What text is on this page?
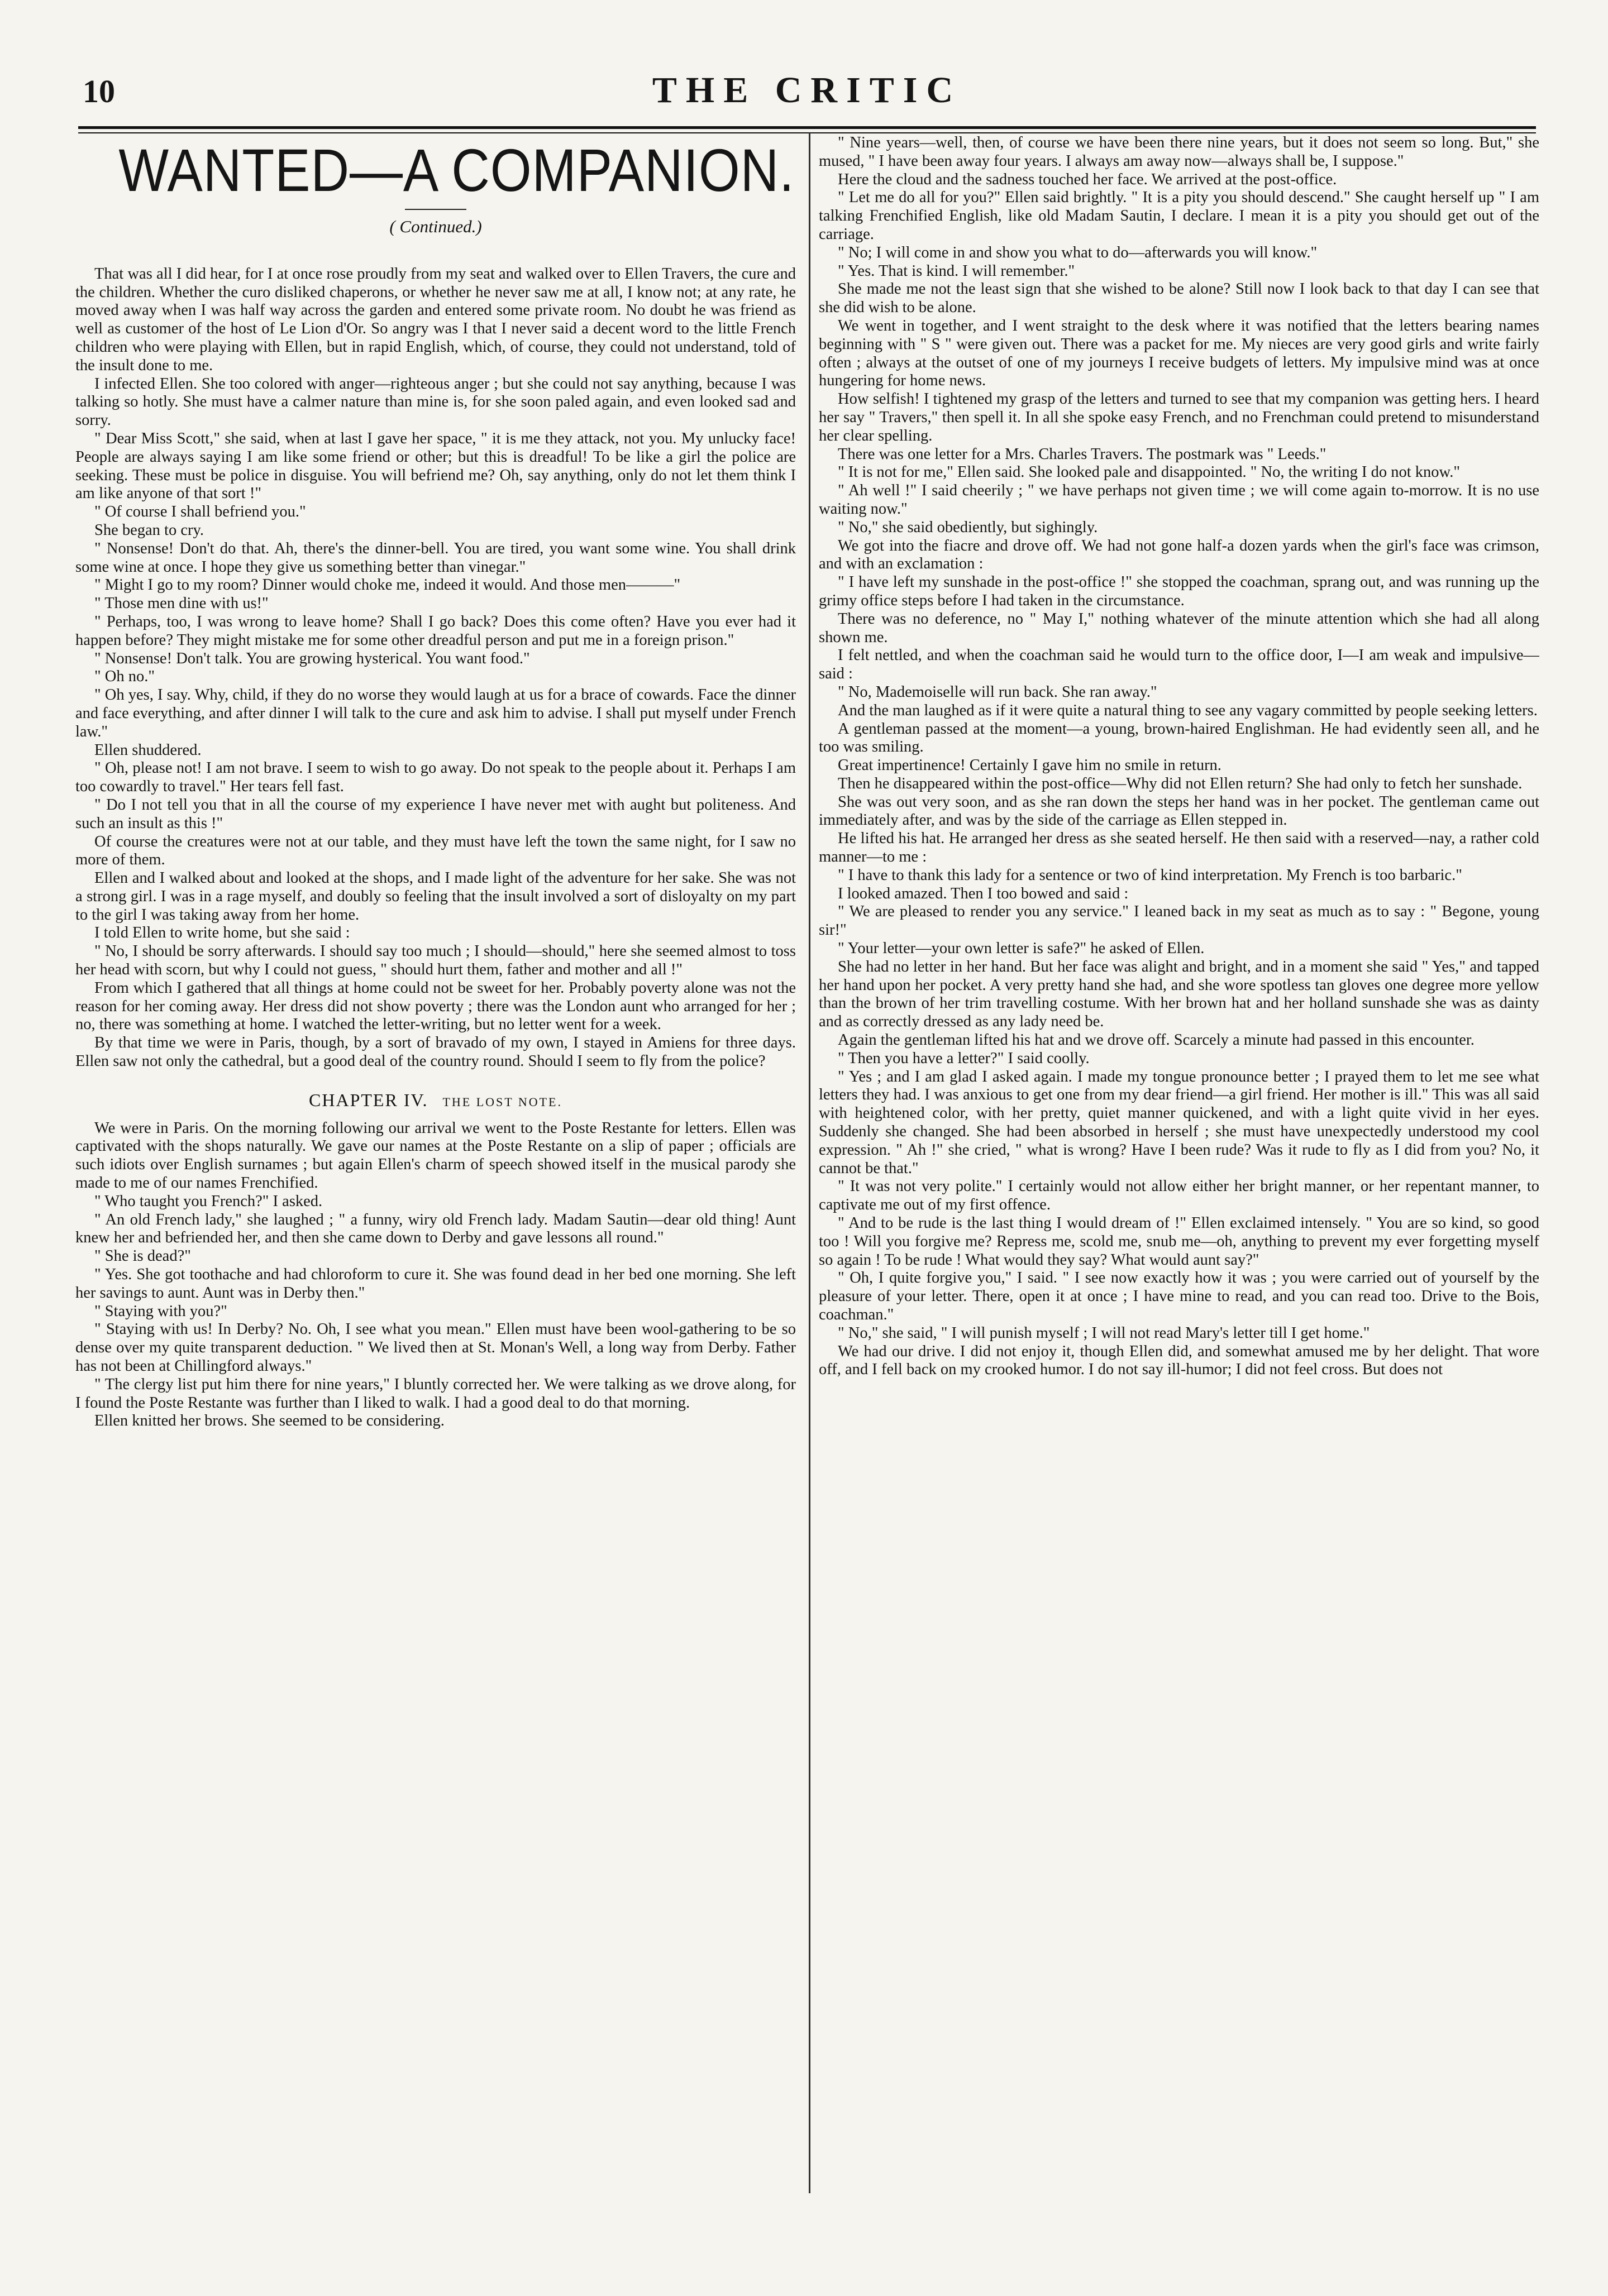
10	THE CRITIC
WANTED—A COMPANION.
( Continued.)

That was all I did hear, for I at once rose proudly from my seat and walked over to Ellen Travers, the cure and the children. Whether the curo disliked chaperons, or whether he never saw me at all, I know not; at any rate, he moved away when I was half way across the garden and entered some private room. No doubt he was friend as well as customer of the host of Le Lion d'Or. So angry was I that I never said a decent word to the little French children who were playing with Ellen, but in rapid English, which, of course, they could not understand, told of the insult done to me.

I infected Ellen. She too colored with anger—righteous anger ; but she could not say anything, because I was talking so hotly. She must have a calmer nature than mine is, for she soon paled again, and even looked sad and sorry.

" Dear Miss Scott," she said, when at last I gave her space, " it is me they attack, not you. My unlucky face! People are always saying I am like some friend or other; but this is dreadful! To be like a girl the police are seeking. These must be police in disguise. You will befriend me? Oh, say anything, only do not let them think I am like anyone of that sort !"

" Of course I shall befriend you."

She began to cry.

" Nonsense! Don't do that. Ah, there's the dinner-bell. You are tired, you want some wine. You shall drink some wine at once. I hope they give us something better than vinegar."

" Might I go to my room? Dinner would choke me, indeed it would. And those men———"

" Those men dine with us!"

" Perhaps, too, I was wrong to leave home? Shall I go back? Does this come often? Have you ever had it happen before? They might mistake me for some other dreadful person and put me in a foreign prison."

" Nonsense! Don't talk. You are growing hysterical. You want food."

" Oh no."

" Oh yes, I say. Why, child, if they do no worse they would laugh at us for a brace of cowards. Face the dinner and face everything, and after dinner I will talk to the cure and ask him to advise. I shall put myself under French law."

Ellen shuddered.

" Oh, please not! I am not brave. I seem to wish to go away. Do not speak to the people about it. Perhaps I am too cowardly to travel." Her tears fell fast.

" Do I not tell you that in all the course of my experience I have never met with aught but politeness. And such an insult as this !"

Of course the creatures were not at our table, and they must have left the town the same night, for I saw no more of them.

Ellen and I walked about and looked at the shops, and I made light of the adventure for her sake. She was not a strong girl. I was in a rage myself, and doubly so feeling that the insult involved a sort of disloyalty on my part to the girl I was taking away from her home.

I told Ellen to write home, but she said :

" No, I should be sorry afterwards. I should say too much ; I should—should," here she seemed almost to toss her head with scorn, but why I could not guess, " should hurt them, father and mother and all !"

From which I gathered that all things at home could not be sweet for her. Probably poverty alone was not the reason for her coming away. Her dress did not show poverty ; there was the London aunt who arranged for her ; no, there was something at home. I watched the letter-writing, but no letter went for a week.

By that time we were in Paris, though, by a sort of bravado of my own, I stayed in Amiens for three days. Ellen saw not only the cathedral, but a good deal of the country round. Should I seem to fly from the police?

CHAPTER IV. THE LOST NOTE.

We were in Paris. On the morning following our arrival we went to the Poste Restante for letters. Ellen was captivated with the shops naturally. We gave our names at the Poste Restante on a slip of paper ; officials are such idiots over English surnames ; but again Ellen's charm of speech showed itself in the musical parody she made to me of our names Frenchified.

" Who taught you French?" I asked.

" An old French lady," she laughed ; " a funny, wiry old French lady. Madam Sautin—dear old thing! Aunt knew her and befriended her, and then she came down to Derby and gave lessons all round."

" She is dead?"

" Yes. She got toothache and had chloroform to cure it. She was found dead in her bed one morning. She left her savings to aunt. Aunt was in Derby then."

" Staying with you?"

" Staying with us! In Derby? No. Oh, I see what you mean." Ellen must have been wool-gathering to be so dense over my quite transparent deduction. " We lived then at St. Monan's Well, a long way from Derby. Father has not been at Chillingford always."

" The clergy list put him there for nine years," I bluntly corrected her. We were talking as we drove along, for I found the Poste Restante was further than I liked to walk. I had a good deal to do that morning.

Ellen knitted her brows. She seemed to be considering.

" Nine years—well, then, of course we have been there nine years, but it does not seem so long. But," she mused, " I have been away four years. I always am away now—always shall be, I suppose."

Here the cloud and the sadness touched her face. We arrived at the post-office.

" Let me do all for you?" Ellen said brightly. " It is a pity you should descend." She caught herself up " I am talking Frenchified English, like old Madam Sautin, I declare. I mean it is a pity you should get out of the carriage.

" No; I will come in and show you what to do—afterwards you will know."

" Yes. That is kind. I will remember."

She made me not the least sign that she wished to be alone? Still now I look back to that day I can see that she did wish to be alone.

We went in together, and I went straight to the desk where it was notified that the letters bearing names beginning with " S " were given out. There was a packet for me. My nieces are very good girls and write fairly often ; always at the outset of one of my journeys I receive budgets of letters. My impulsive mind was at once hungering for home news.

How selfish! I tightened my grasp of the letters and turned to see that my companion was getting hers. I heard her say " Travers," then spell it. In all she spoke easy French, and no Frenchman could pretend to misunderstand her clear spelling.

There was one letter for a Mrs. Charles Travers. The postmark was " Leeds."

" It is not for me," Ellen said. She looked pale and disappointed. " No, the writing I do not know."

" Ah well !" I said cheerily ; " we have perhaps not given time ; we will come again to-morrow. It is no use waiting now."

" No," she said obediently, but sighingly.

We got into the fiacre and drove off. We had not gone half-a dozen yards when the girl's face was crimson, and with an exclamation :

" I have left my sunshade in the post-office !" she stopped the coachman, sprang out, and was running up the grimy office steps before I had taken in the circumstance.

There was no deference, no " May I," nothing whatever of the minute attention which she had all along shown me.

I felt nettled, and when the coachman said he would turn to the office door, I—I am weak and impulsive—said :

" No, Mademoiselle will run back. She ran away."

And the man laughed as if it were quite a natural thing to see any vagary committed by people seeking letters.

A gentleman passed at the moment—a young, brown-haired Englishman. He had evidently seen all, and he too was smiling.

Great impertinence! Certainly I gave him no smile in return.

Then he disappeared within the post-office—Why did not Ellen return? She had only to fetch her sunshade.

She was out very soon, and as she ran down the steps her hand was in her pocket. The gentleman came out immediately after, and was by the side of the carriage as Ellen stepped in.

He lifted his hat. He arranged her dress as she seated herself. He then said with a reserved—nay, a rather cold manner—to me :

" I have to thank this lady for a sentence or two of kind interpretation. My French is too barbaric."

I looked amazed. Then I too bowed and said :

" We are pleased to render you any service." I leaned back in my seat as much as to say : " Begone, young sir!"

" Your letter—your own letter is safe?" he asked of Ellen.

She had no letter in her hand. But her face was alight and bright, and in a moment she said " Yes," and tapped her hand upon her pocket. A very pretty hand she had, and she wore spotless tan gloves one degree more yellow than the brown of her trim travelling costume. With her brown hat and her holland sunshade she was as dainty and as correctly dressed as any lady need be.

Again the gentleman lifted his hat and we drove off. Scarcely a minute had passed in this encounter.

" Then you have a letter?" I said coolly.

" Yes ; and I am glad I asked again. I made my tongue pronounce better ; I prayed them to let me see what letters they had. I was anxious to get one from my dear friend—a girl friend. Her mother is ill." This was all said with heightened color, with her pretty, quiet manner quickened, and with a light quite vivid in her eyes. Suddenly she changed. She had been absorbed in herself ; she must have unexpectedly understood my cool expression. " Ah !" she cried, " what is wrong? Have I been rude? Was it rude to fly as I did from you? No, it cannot be that."

" It was not very polite." I certainly would not allow either her bright manner, or her repentant manner, to captivate me out of my first offence.

" And to be rude is the last thing I would dream of !" Ellen exclaimed intensely. " You are so kind, so good too ! Will you forgive me? Repress me, scold me, snub me—oh, anything to prevent my ever forgetting myself so again ! To be rude ! What would they say? What would aunt say?"

" Oh, I quite forgive you," I said. " I see now exactly how it was ; you were carried out of yourself by the pleasure of your letter. There, open it at once ; I have mine to read, and you can read too. Drive to the Bois, coachman."

" No," she said, " I will punish myself ; I will not read Mary's letter till I get home."

We had our drive. I did not enjoy it, though Ellen did, and somewhat amused me by her delight. That wore off, and I fell back on my crooked humor. I do not say ill-humor; I did not feel cross. But does not
